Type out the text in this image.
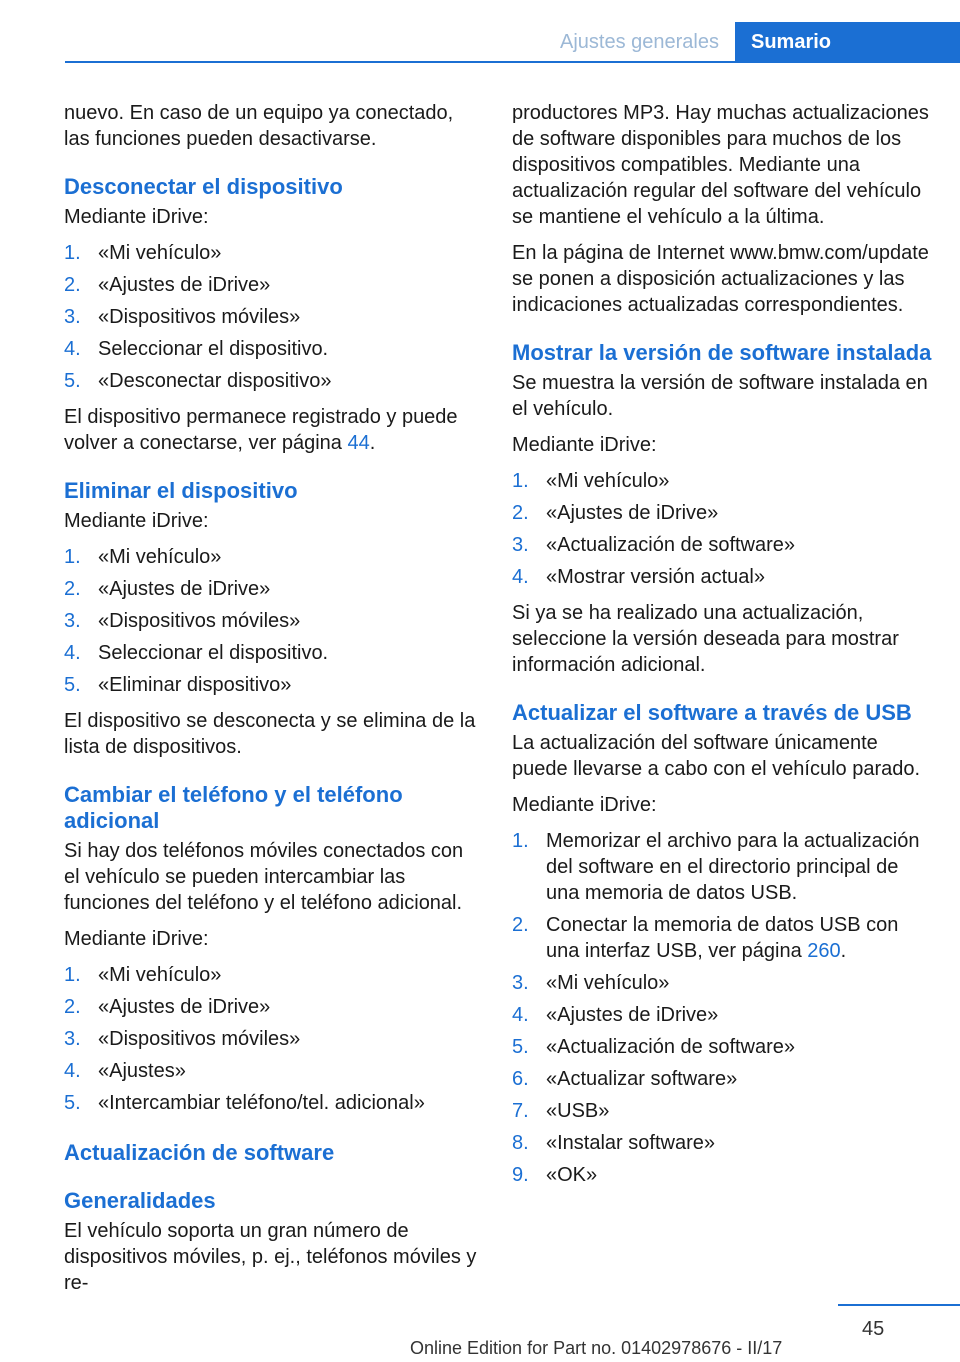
Ajustes generales	Sumario

nuevo. En caso de un equipo ya conectado, las funciones pueden desactivarse.

Desconectar el dispositivo

Mediante iDrive:

1. «Mi vehículo»
2. «Ajustes de iDrive»
3. «Dispositivos móviles»
4. Seleccionar el dispositivo.
5. «Desconectar dispositivo»

El dispositivo permanece registrado y puede volver a conectarse, ver página 44.

Eliminar el dispositivo

Mediante iDrive:

1. «Mi vehículo»
2. «Ajustes de iDrive»
3. «Dispositivos móviles»
4. Seleccionar el dispositivo.
5. «Eliminar dispositivo»

El dispositivo se desconecta y se elimina de la lista de dispositivos.

Cambiar el teléfono y el teléfono adicional

Si hay dos teléfonos móviles conectados con el vehículo se pueden intercambiar las funciones del teléfono y el teléfono adicional.

Mediante iDrive:

1. «Mi vehículo»
2. «Ajustes de iDrive»
3. «Dispositivos móviles»
4. «Ajustes»
5. «Intercambiar teléfono/tel. adicional»
Actualización de software
Generalidades

El vehículo soporta un gran número de dispositivos móviles, p. ej., teléfonos móviles y re-

productores MP3. Hay muchas actualizaciones de software disponibles para muchos de los dispositivos compatibles. Mediante una actualización regular del software del vehículo se mantiene el vehículo a la última.

En la página de Internet www.bmw.com/update se ponen a disposición actualizaciones y las indicaciones actualizadas correspondientes.

Mostrar la versión de software instalada

Se muestra la versión de software instalada en el vehículo.

Mediante iDrive:

1. «Mi vehículo»
2. «Ajustes de iDrive»
3. «Actualización de software»
4. «Mostrar versión actual»

Si ya se ha realizado una actualización, seleccione la versión deseada para mostrar información adicional.

Actualizar el software a través de USB

La actualización del software únicamente puede llevarse a cabo con el vehículo parado.

Mediante iDrive:

1. Memorizar el archivo para la actualización del software en el directorio principal de una memoria de datos USB.
2. Conectar la memoria de datos USB con una interfaz USB, ver página 260.
3. «Mi vehículo»
4. «Ajustes de iDrive»
5. «Actualización de software»
6. «Actualizar software»
7. «USB»
8. «Instalar software»
9. «OK»
45
Online Edition for Part no. 01402978676 - II/17
